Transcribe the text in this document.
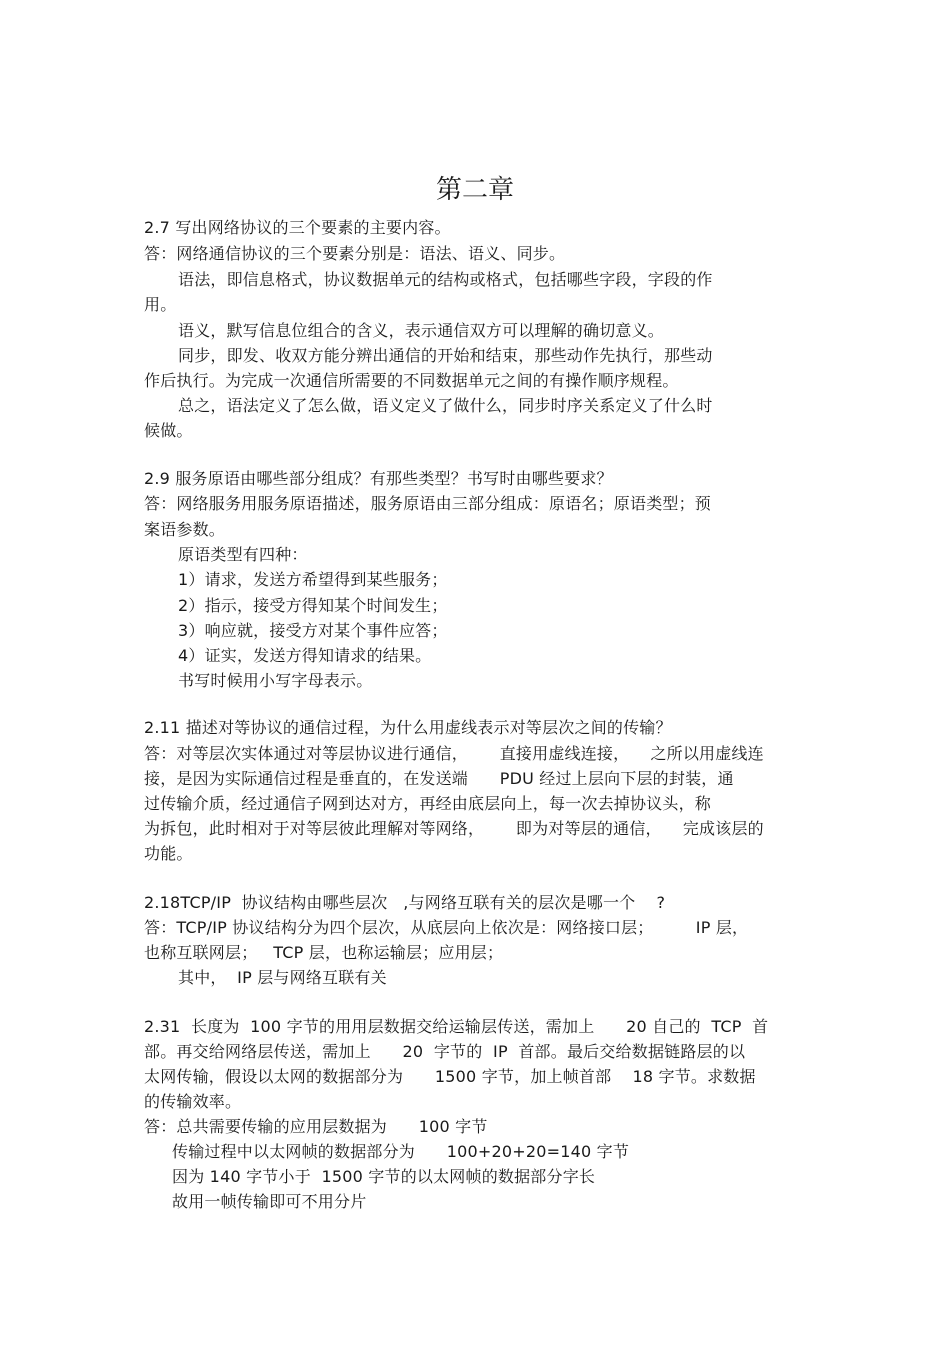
第二章
2.7 写出网络协议的三个要素的主要内容。
答：网络通信协议的三个要素分别是：语法、语义、同步。
语法，即信息格式，协议数据单元的结构或格式，包括哪些字段，字段的作
用。
语义，默写信息位组合的含义，表示通信双方可以理解的确切意义。
同步，即发、收双方能分辨出通信的开始和结束，那些动作先执行，那些动
作后执行。为完成一次通信所需要的不同数据单元之间的有操作顺序规程。
总之，语法定义了怎么做，语义定义了做什么，同步时序关系定义了什么时
候做。
2.9 服务原语由哪些部分组成？有那些类型？书写时由哪些要求？
答：网络服务用服务原语描述，服务原语由三部分组成：原语名；原语类型；预
案语参数。
原语类型有四种：
1）请求，发送方希望得到某些服务；
2）指示，接受方得知某个时间发生；
3）响应就，接受方对某个事件应答；
4）证实，发送方得知请求的结果。
书写时候用小写字母表示。
2.11 描述对等协议的通信过程，为什么用虚线表示对等层次之间的传输？
答：对等层次实体通过对等层协议进行通信，      直接用虚线连接，    之所以用虚线连
接，是因为实际通信过程是垂直的，在发送端      PDU 经过上层向下层的封装，通
过传输介质，经过通信子网到达对方，再经由底层向上，每一次去掉协议头，称
为拆包，此时相对于对等层彼此理解对等网络，      即为对等层的通信，    完成该层的
功能。
2.18TCP/IP  协议结构由哪些层次   ,与网络互联有关的层次是哪一个    ?
答：TCP/IP 协议结构分为四个层次，从底层向上依次是：网络接口层；        IP 层，
也称互联网层；   TCP 层，也称运输层；应用层；
其中，  IP 层与网络互联有关
2.31  长度为  100 字节的用用层数据交给运输层传送，需加上      20 自己的  TCP  首
部。再交给网络层传送，需加上      20  字节的  IP  首部。最后交给数据链路层的以
太网传输，假设以太网的数据部分为      1500 字节，加上帧首部    18 字节。求数据
的传输效率。
答：总共需要传输的应用层数据为      100 字节
传输过程中以太网帧的数据部分为      100+20+20=140 字节
因为 140 字节小于  1500 字节的以太网帧的数据部分字长
故用一帧传输即可不用分片
